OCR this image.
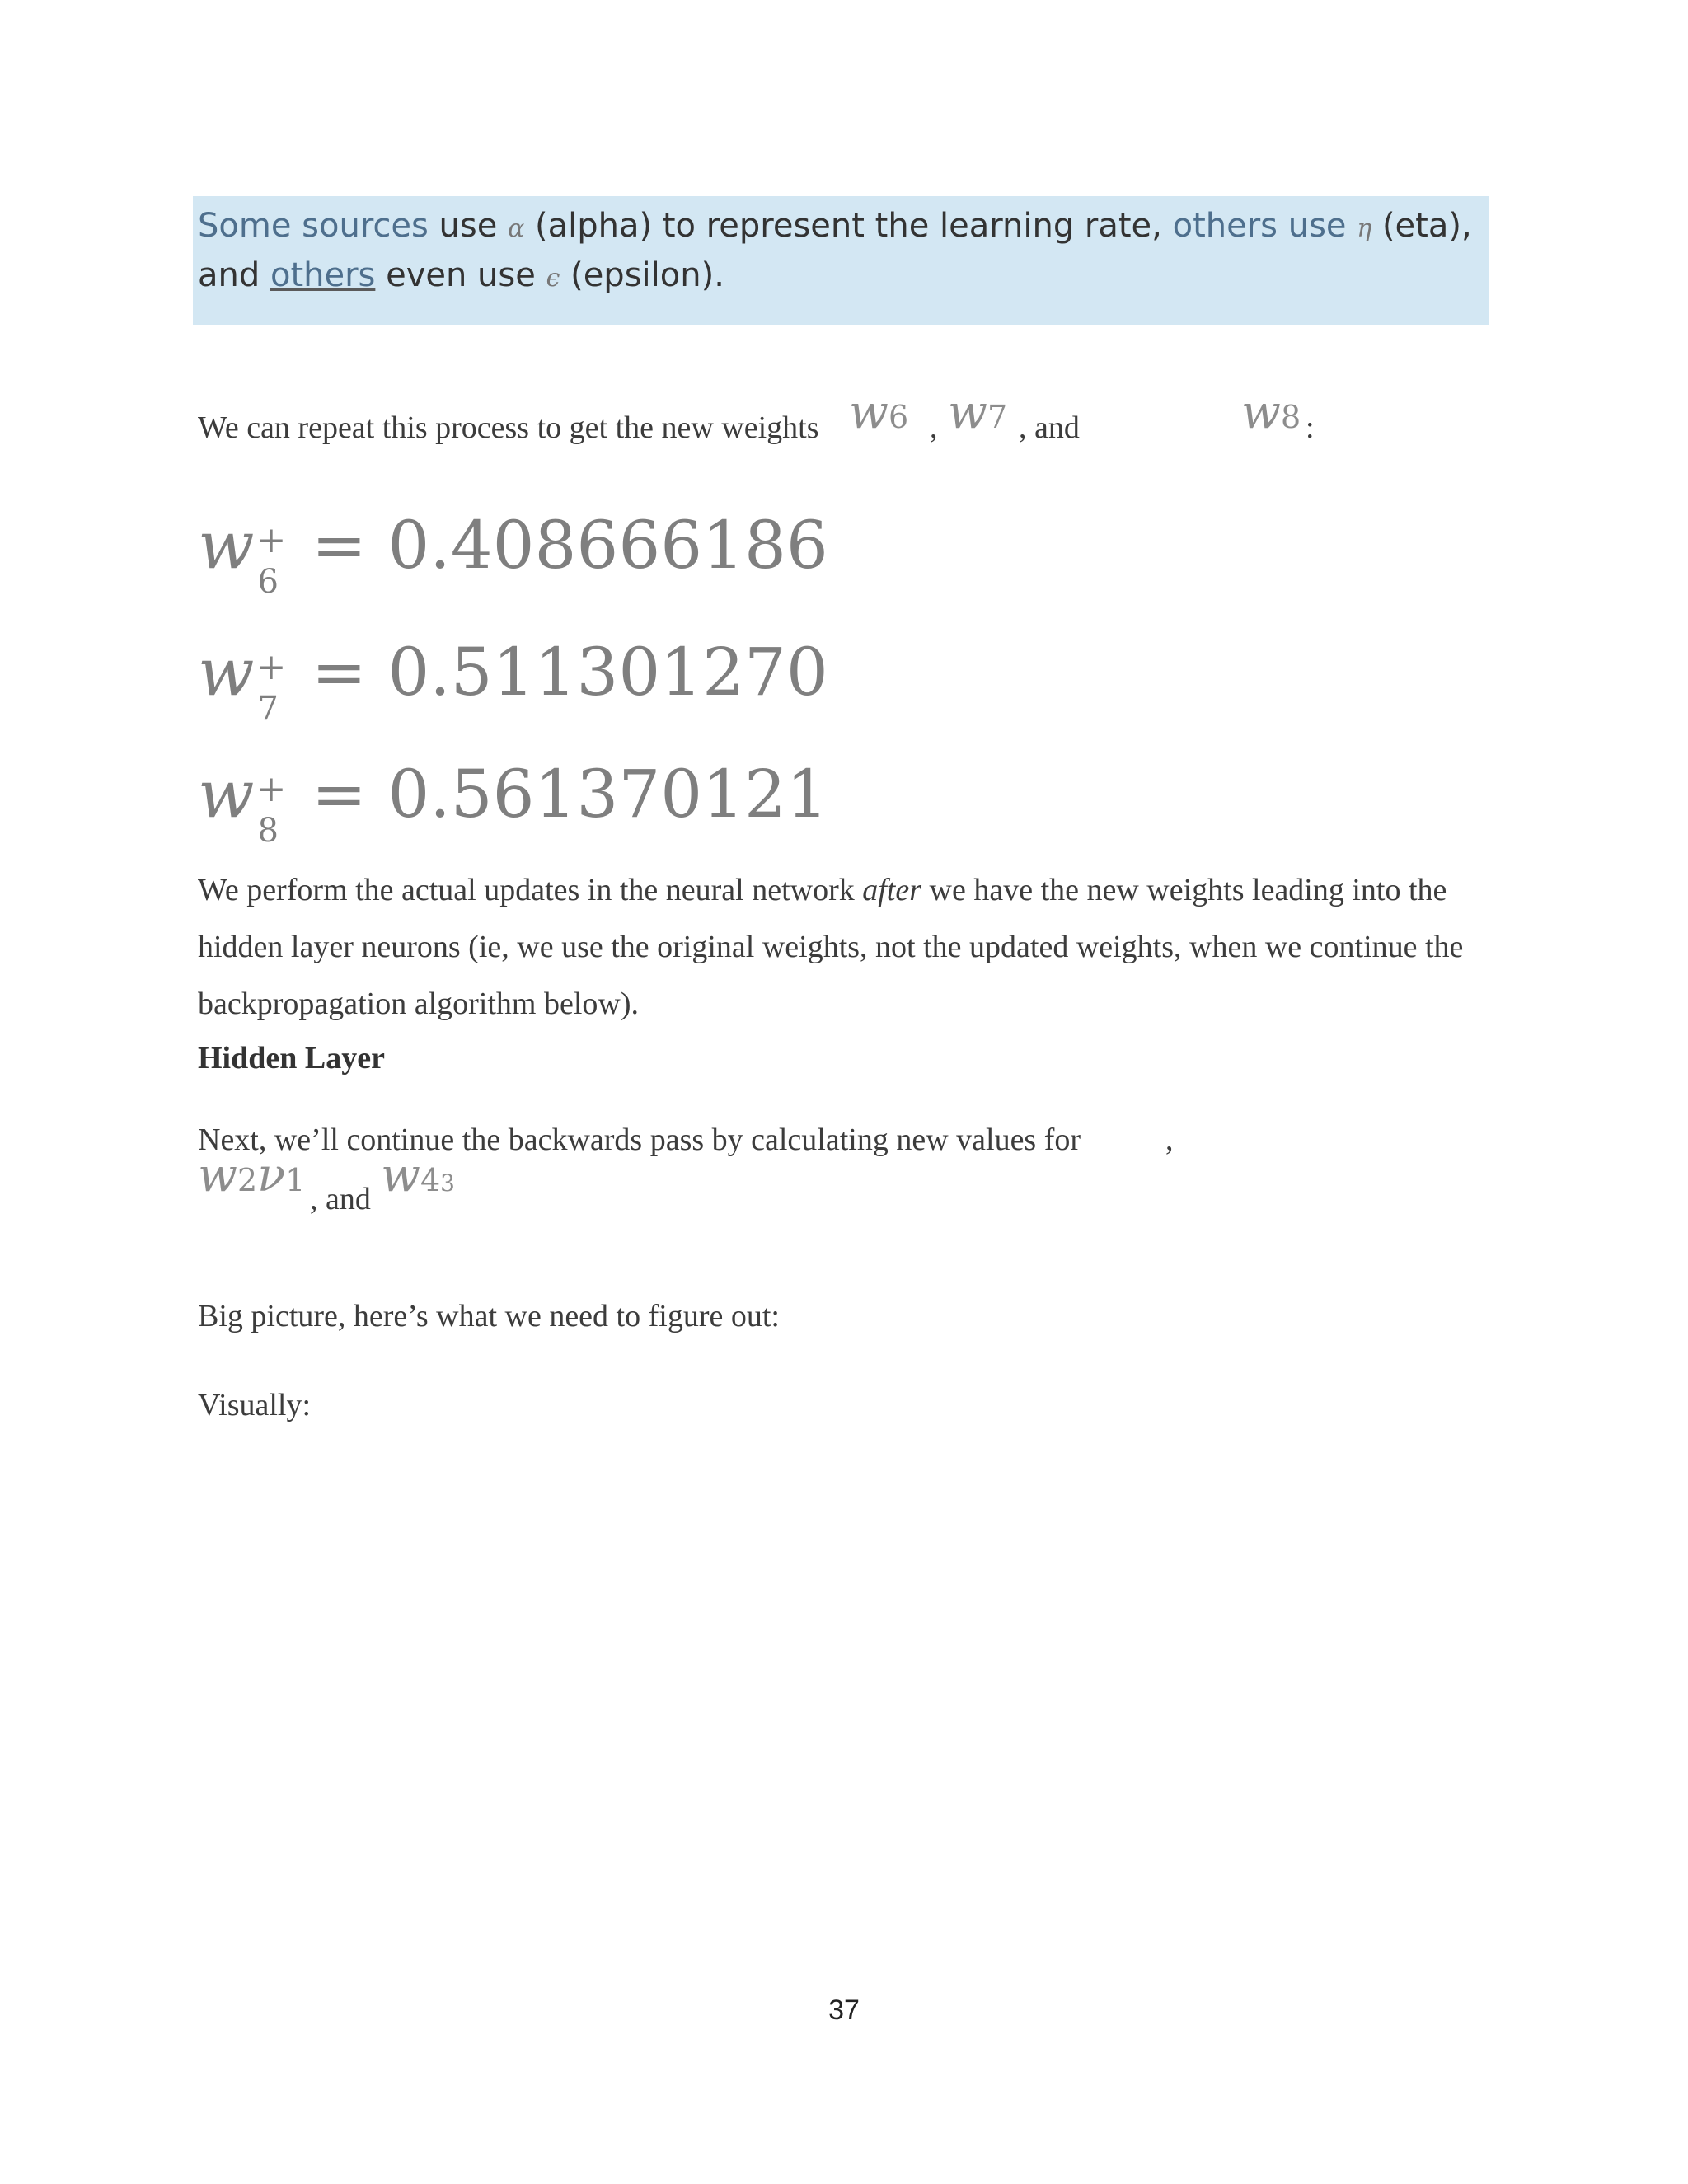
Some sources use α (alpha) to represent the learning rate, others use η (eta),
and others even use ϵ (epsilon).
We can repeat this process to get the new weights w6 , w7 , and	w8 :
w +
6 = 0.408666186
w +
7 = 0.511301270
w +
8 = 0.561370121
We perform the actual updates in the neural network after we have the new weights leading into the hidden layer neurons (ie, we use the original weights, not the updated weights, when we continue the backpropagation algorithm below).
Hidden Layer
Next, we’ll continue the backwards pass by calculating new values for	,
w2ν1
, and w43
Big picture, here’s what we need to figure out:
Visually:
37
